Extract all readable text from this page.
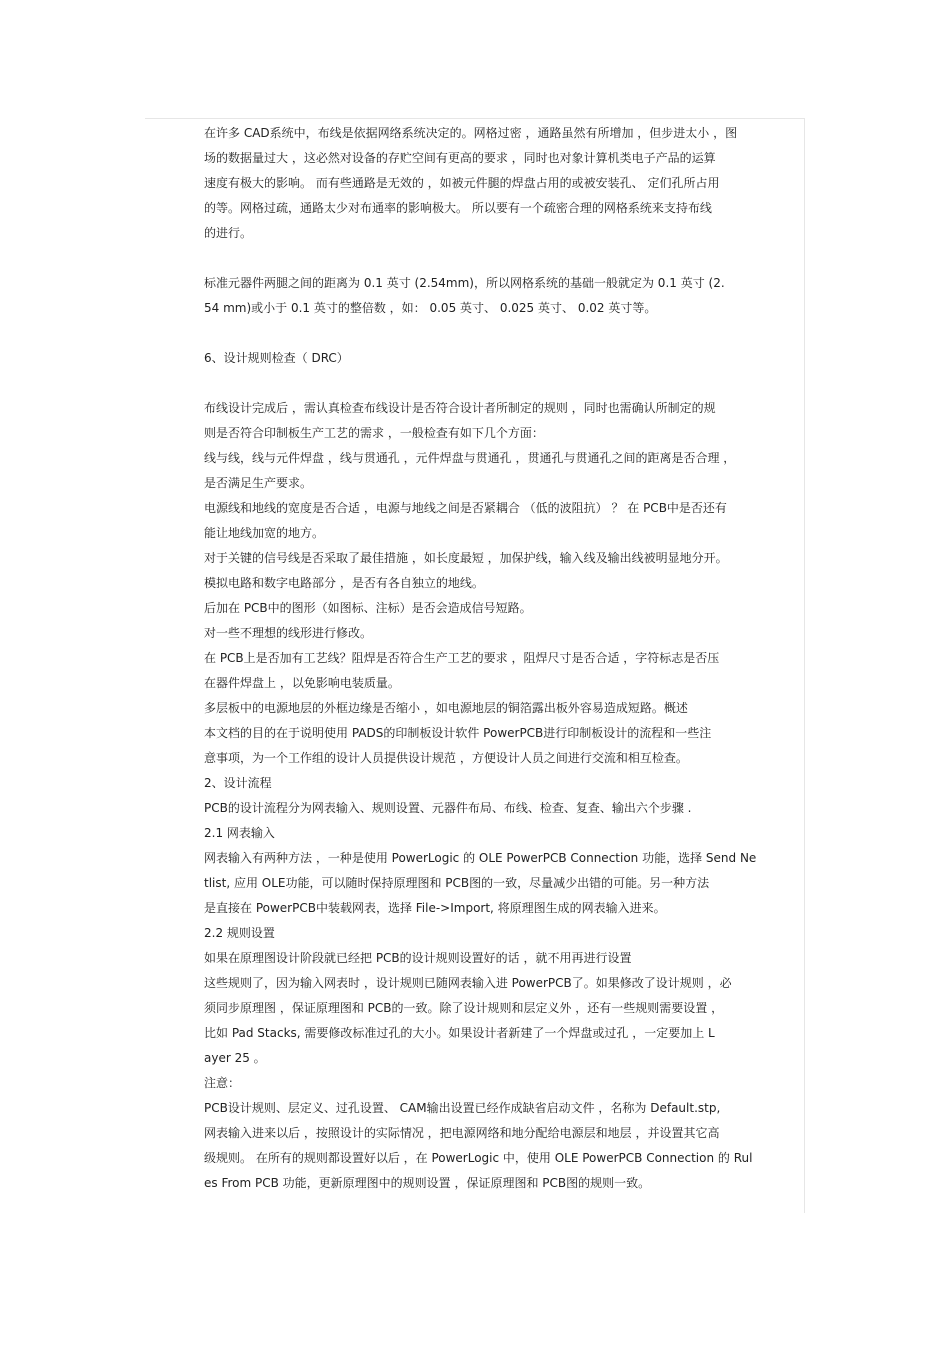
在许多 CAD系统中，布线是依据网络系统决定的。网格过密 ，通路虽然有所增加 ，但步进太小 ，图
场的数据量过大 ，这必然对设备的存贮空间有更高的要求 ，同时也对象计算机类电子产品的运算
速度有极大的影响。 而有些通路是无效的 ，如被元件腿的焊盘占用的或被安装孔、 定们孔所占用
的等。网格过疏，通路太少对布通率的影响极大。 所以要有一个疏密合理的网格系统来支持布线
的进行。
标准元器件两腿之间的距离为 0.1 英寸 (2.54mm)，所以网格系统的基础一般就定为 0.1 英寸 (2.
54 mm)或小于 0.1 英寸的整倍数 ，如： 0.05 英寸、 0.025 英寸、 0.02 英寸等。
6、设计规则检查（ DRC）
布线设计完成后 ，需认真检查布线设计是否符合设计者所制定的规则 ，同时也需确认所制定的规
则是否符合印制板生产工艺的需求 ，一般检查有如下几个方面：
线与线，线与元件焊盘 ，线与贯通孔 ，元件焊盘与贯通孔 ，贯通孔与贯通孔之间的距离是否合理 ，
是否满足生产要求。
电源线和地线的宽度是否合适 ，电源与地线之间是否紧耦合 （低的波阻抗） ？ 在 PCB中是否还有
能让地线加宽的地方。
对于关键的信号线是否采取了最佳措施 ，如长度最短 ，加保护线，输入线及输出线被明显地分开。
模拟电路和数字电路部分 ，是否有各自独立的地线。
后加在 PCB中的图形（如图标、注标）是否会造成信号短路。
对一些不理想的线形进行修改。
在 PCB上是否加有工艺线？阻焊是否符合生产工艺的要求 ，阻焊尺寸是否合适 ，字符标志是否压
在器件焊盘上 ，以免影响电装质量。
多层板中的电源地层的外框边缘是否缩小 ，如电源地层的铜箔露出板外容易造成短路。概述
本文档的目的在于说明使用 PADS的印制板设计软件 PowerPCB进行印制板设计的流程和一些注
意事项，为一个工作组的设计人员提供设计规范 ，方便设计人员之间进行交流和相互检查。
2、设计流程
PCB的设计流程分为网表输入、规则设置、元器件布局、布线、检查、复查、输出六个步骤 .
2.1 网表输入
网表输入有两种方法 ，一种是使用 PowerLogic 的 OLE PowerPCB Connection 功能，选择 Send Ne
tlist, 应用 OLE功能，可以随时保持原理图和 PCB图的一致，尽量减少出错的可能。另一种方法
是直接在 PowerPCB中装载网表，选择 File->Import, 将原理图生成的网表输入进来。
2.2 规则设置
如果在原理图设计阶段就已经把 PCB的设计规则设置好的话 ，就不用再进行设置
这些规则了，因为输入网表时 ，设计规则已随网表输入进 PowerPCB了。如果修改了设计规则 ，必
须同步原理图 ，保证原理图和 PCB的一致。除了设计规则和层定义外 ，还有一些规则需要设置 ，
比如 Pad Stacks, 需要修改标准过孔的大小。如果设计者新建了一个焊盘或过孔 ，一定要加上 L
ayer 25 。
注意：
PCB设计规则、层定义、过孔设置、 CAM输出设置已经作成缺省启动文件 ，名称为 Default.stp,
网表输入进来以后 ，按照设计的实际情况 ，把电源网络和地分配给电源层和地层 ，并设置其它高
级规则。 在所有的规则都设置好以后 ，在 PowerLogic 中，使用 OLE PowerPCB Connection 的 Rul
es From PCB 功能，更新原理图中的规则设置 ，保证原理图和 PCB图的规则一致。
